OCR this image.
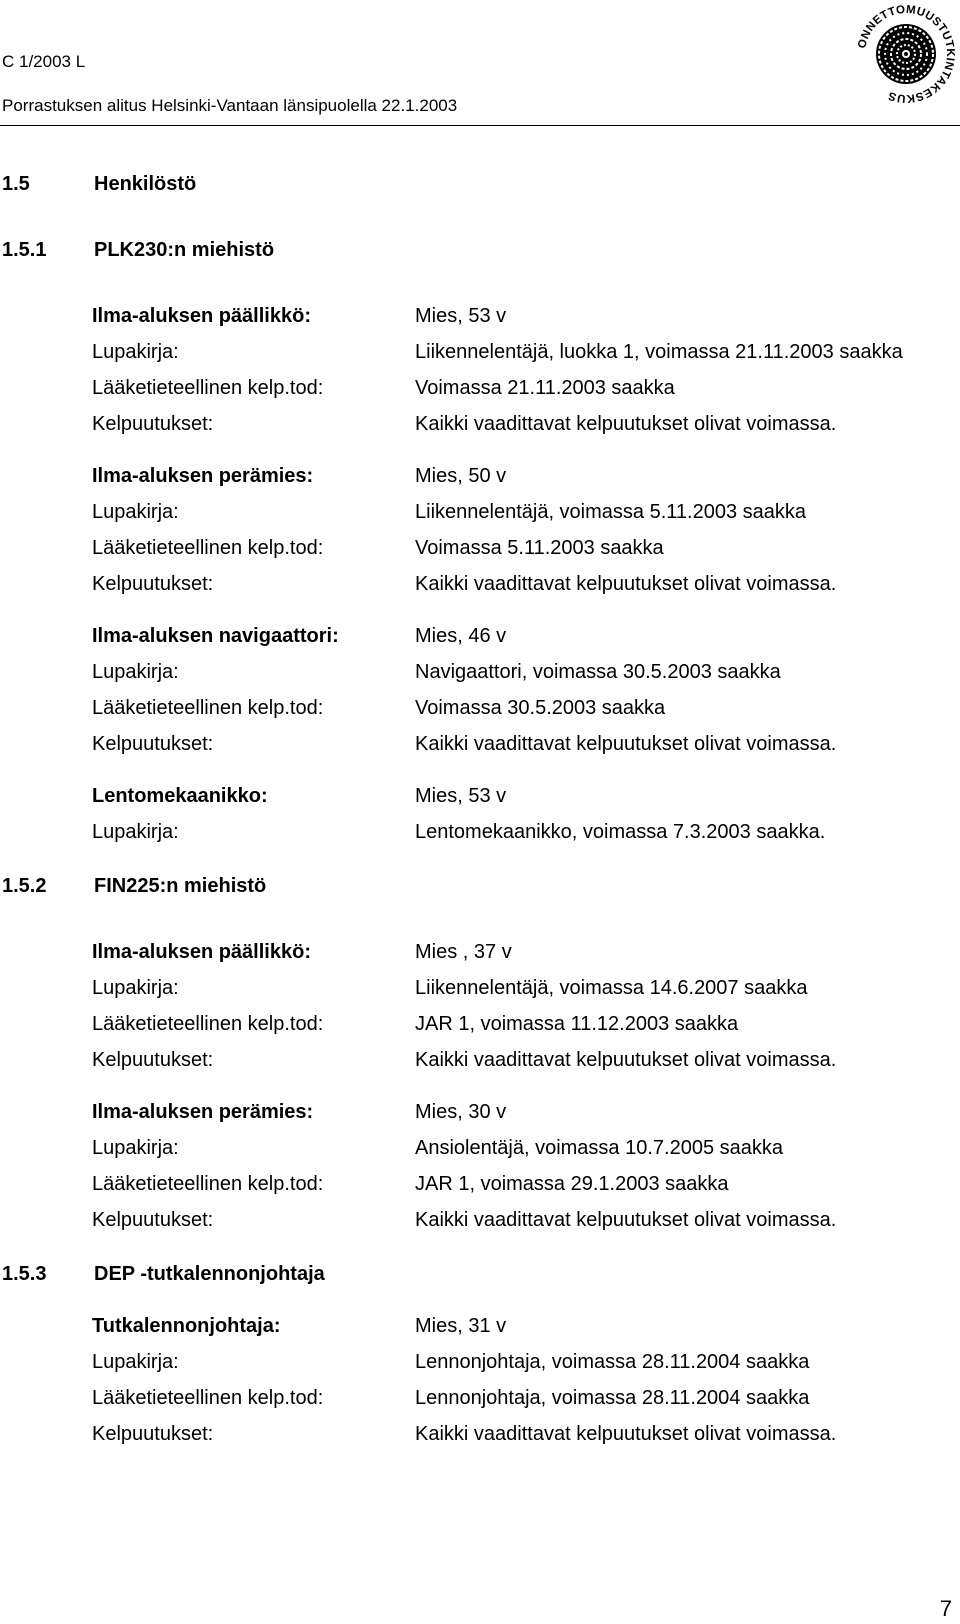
C 1/2003 L
Porrastuksen alitus Helsinki-Vantaan länsipuolella 22.1.2003
ONNETTOMUUSTUTKINTAKESKUS
1.5	Henkilöstö
1.5.1	PLK230:n miehistö
Ilma-aluksen päällikkö:	Mies, 53 v
Lupakirja:	Liikennelentäjä, luokka 1, voimassa 21.11.2003 saakka
Lääketieteellinen kelp.tod:	Voimassa 21.11.2003 saakka
Kelpuutukset:	Kaikki vaadittavat kelpuutukset olivat voimassa.
Ilma-aluksen perämies:	Mies, 50 v
Lupakirja:	Liikennelentäjä, voimassa 5.11.2003 saakka
Lääketieteellinen kelp.tod:	Voimassa 5.11.2003 saakka
Kelpuutukset:	Kaikki vaadittavat kelpuutukset olivat voimassa.
Ilma-aluksen navigaattori:	Mies, 46 v
Lupakirja:	Navigaattori, voimassa 30.5.2003 saakka
Lääketieteellinen kelp.tod:	Voimassa 30.5.2003 saakka
Kelpuutukset:	Kaikki vaadittavat kelpuutukset olivat voimassa.
Lentomekaanikko:	Mies, 53 v
Lupakirja:	Lentomekaanikko, voimassa 7.3.2003 saakka.
1.5.2	FIN225:n miehistö
Ilma-aluksen päällikkö:	Mies , 37 v
Lupakirja:	Liikennelentäjä, voimassa 14.6.2007 saakka
Lääketieteellinen kelp.tod:	JAR 1, voimassa 11.12.2003 saakka
Kelpuutukset:	Kaikki vaadittavat kelpuutukset olivat voimassa.
Ilma-aluksen perämies:	Mies, 30 v
Lupakirja:	Ansiolentäjä, voimassa 10.7.2005 saakka
Lääketieteellinen kelp.tod:	JAR 1, voimassa 29.1.2003 saakka
Kelpuutukset:	Kaikki vaadittavat kelpuutukset olivat voimassa.
1.5.3	DEP -tutkalennonjohtaja
Tutkalennonjohtaja:	Mies, 31 v
Lupakirja:	Lennonjohtaja, voimassa 28.11.2004 saakka
Lääketieteellinen kelp.tod:	Lennonjohtaja, voimassa 28.11.2004 saakka
Kelpuutukset:	Kaikki vaadittavat kelpuutukset olivat voimassa.
7
